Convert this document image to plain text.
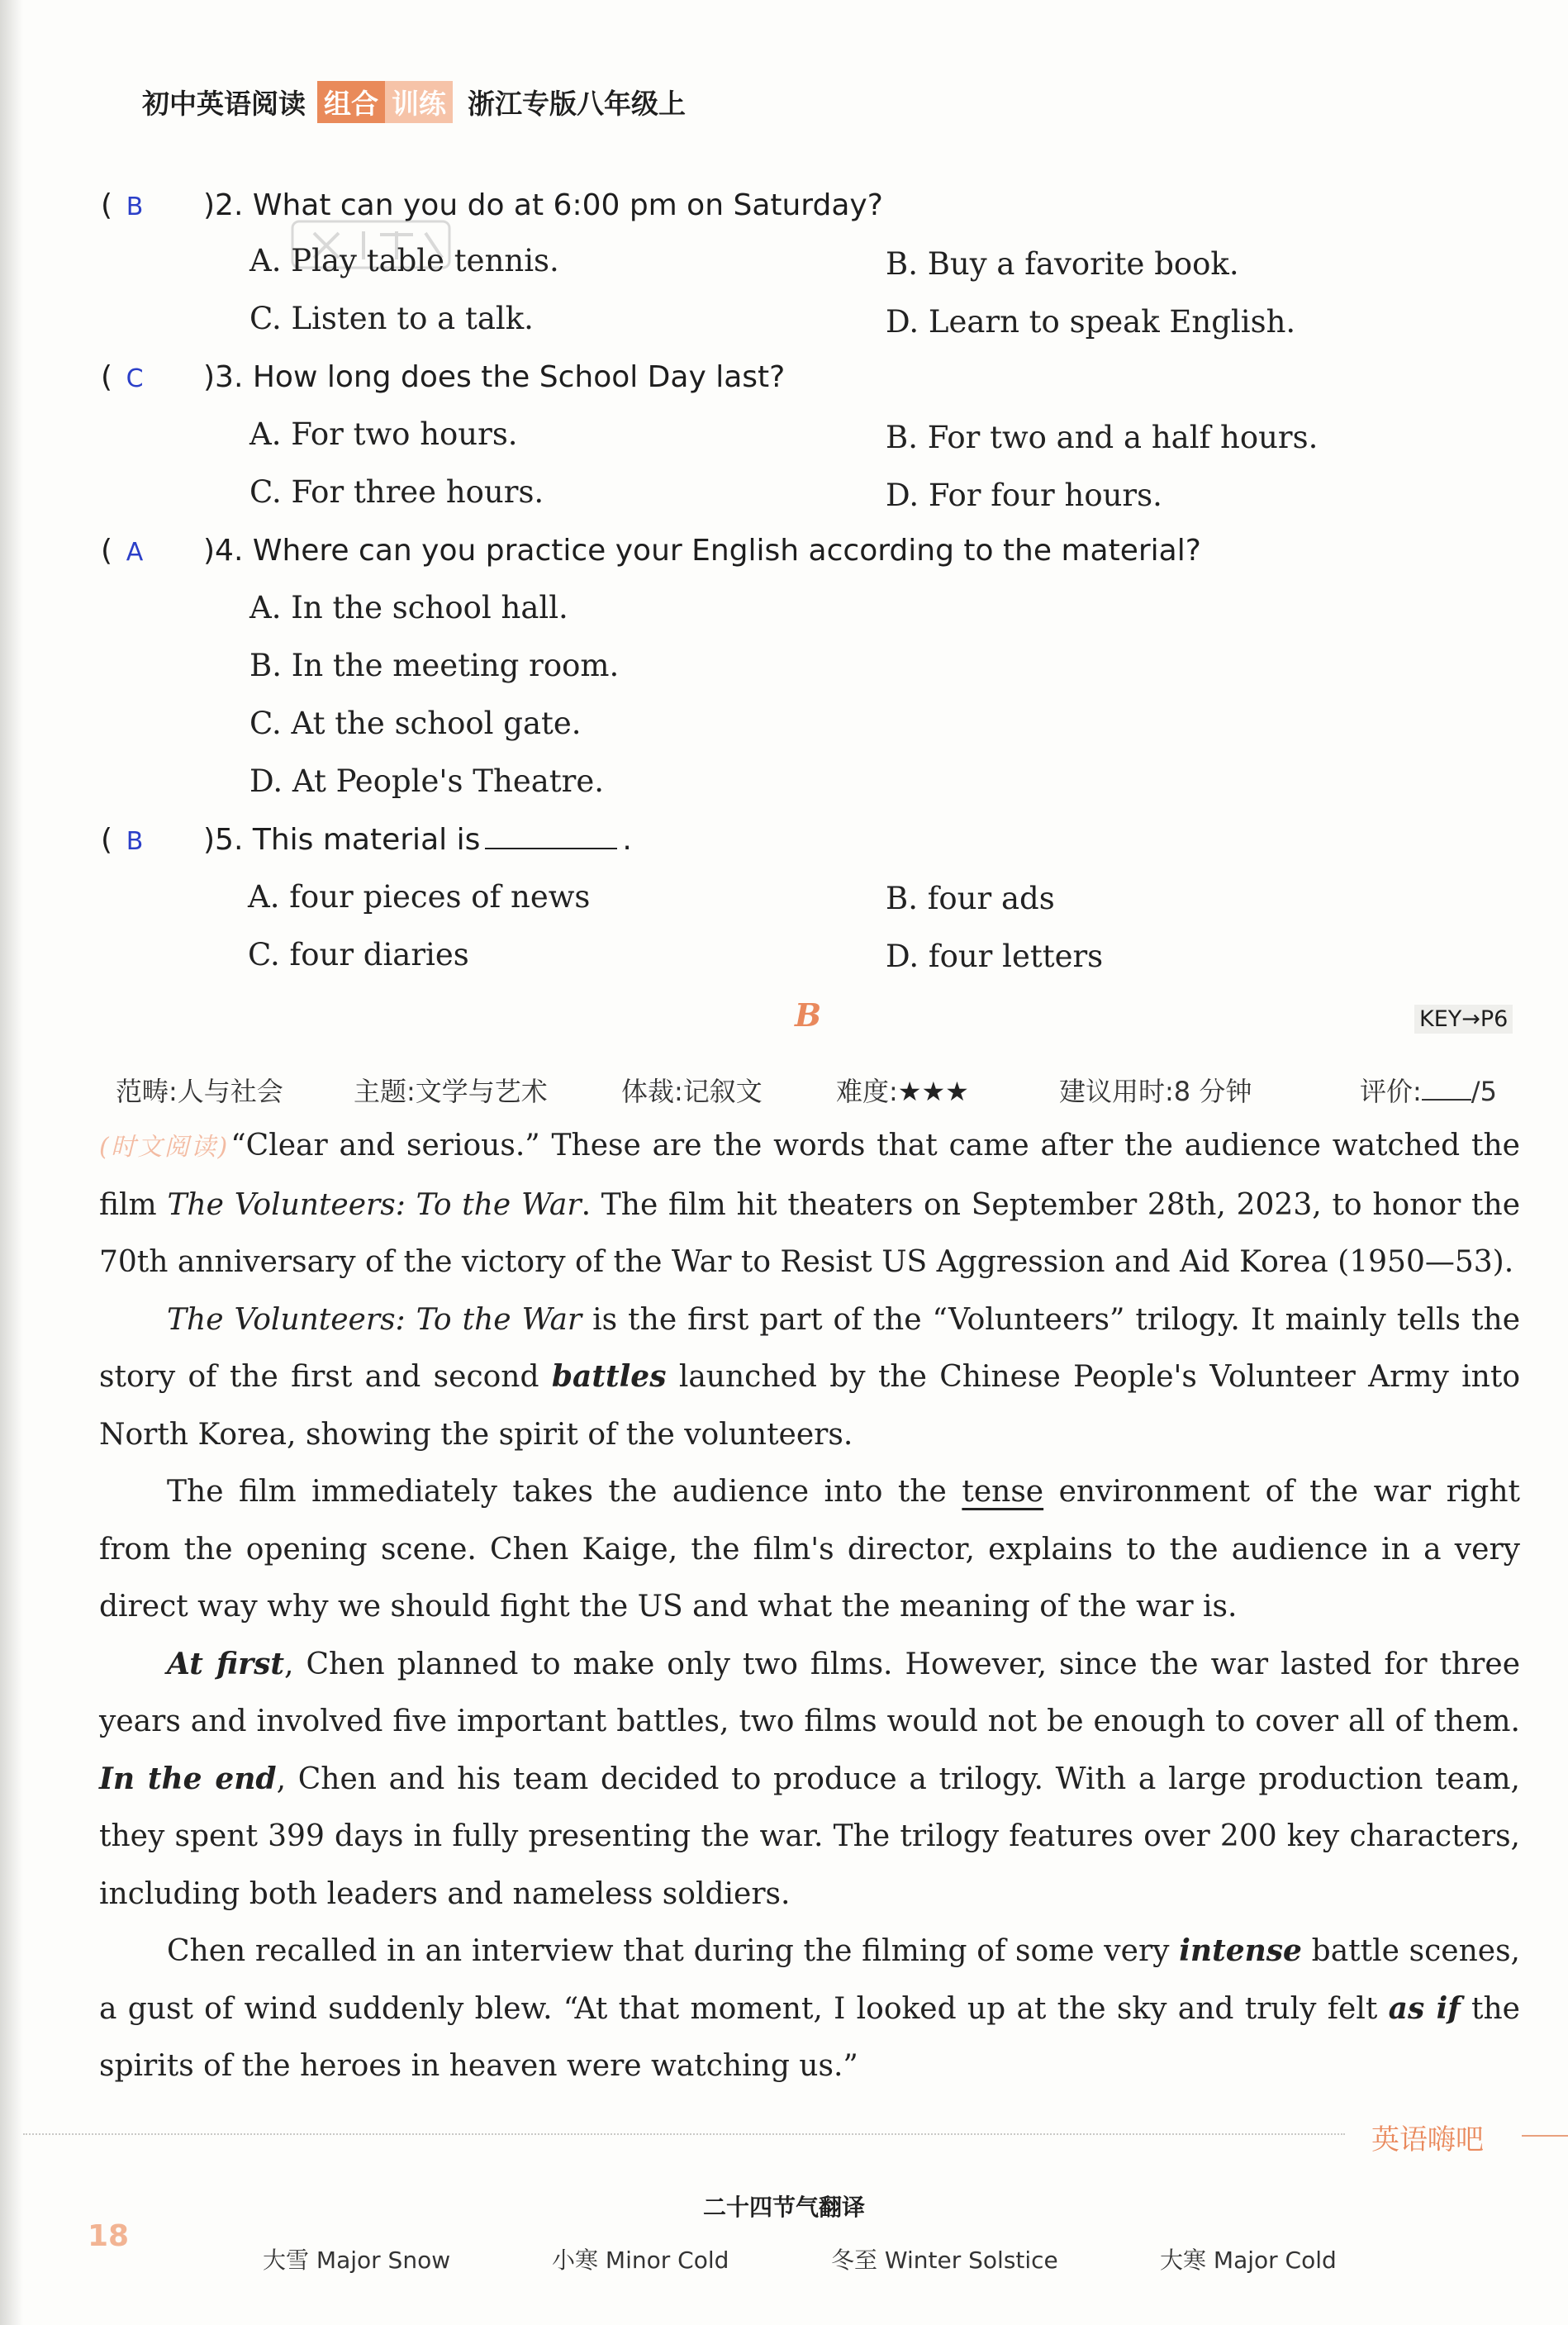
初中英语阅读 组合 训练 浙江专版八年级上
( B )2. What can you do at 6:00 pm on Saturday?
A. Play table tennis.	B. Buy a favorite book.
C. Listen to a talk.	D. Learn to speak English.
( C )3. How long does the School Day last?
A. For two hours.	B. For two and a half hours.
C. For three hours.	D. For four hours.
( A )4. Where can you practice your English according to the material?
A. In the school hall.
B. In the meeting room.
C. At the school gate.
D. At People's Theatre.
( B )5. This material is	.
A. four pieces of news	B. four ads
C. four diaries	D. four letters
B	KEY→P6
范畴:人与社会	主题:文学与艺术	体裁:记叙文	难度:★★★	建议用时:8 分钟	评价: /5

(时文阅读) “Clear and serious.” These are the words that came after the audience watched the film The Volunteers: To the War. The film hit theaters on September 28th, 2023, to honor the 70th anniversary of the victory of the War to Resist US Aggression and Aid Korea (1950—53).

The Volunteers: To the War is the first part of the “Volunteers” trilogy. It mainly tells the story of the first and second battles launched by the Chinese People's Volunteer Army into North Korea, showing the spirit of the volunteers.

The film immediately takes the audience into the tense environment of the war right from the opening scene. Chen Kaige, the film's director, explains to the audience in a very direct way why we should fight the US and what the meaning of the war is.

At first, Chen planned to make only two films. However, since the war lasted for three years and involved five important battles, two films would not be enough to cover all of them. In the end, Chen and his team decided to produce a trilogy. With a large production team, they spent 399 days in fully presenting the war. The trilogy features over 200 key characters, including both leaders and nameless soldiers.

Chen recalled in an interview that during the filming of some very intense battle scenes, a gust of wind suddenly blew. “At that moment, I looked up at the sky and truly felt as if the spirits of the heroes in heaven were watching us.”

英语嗨吧
二十四节气翻译
18
大雪 Major Snow	小寒 Minor Cold	冬至 Winter Solstice	大寒 Major Cold
